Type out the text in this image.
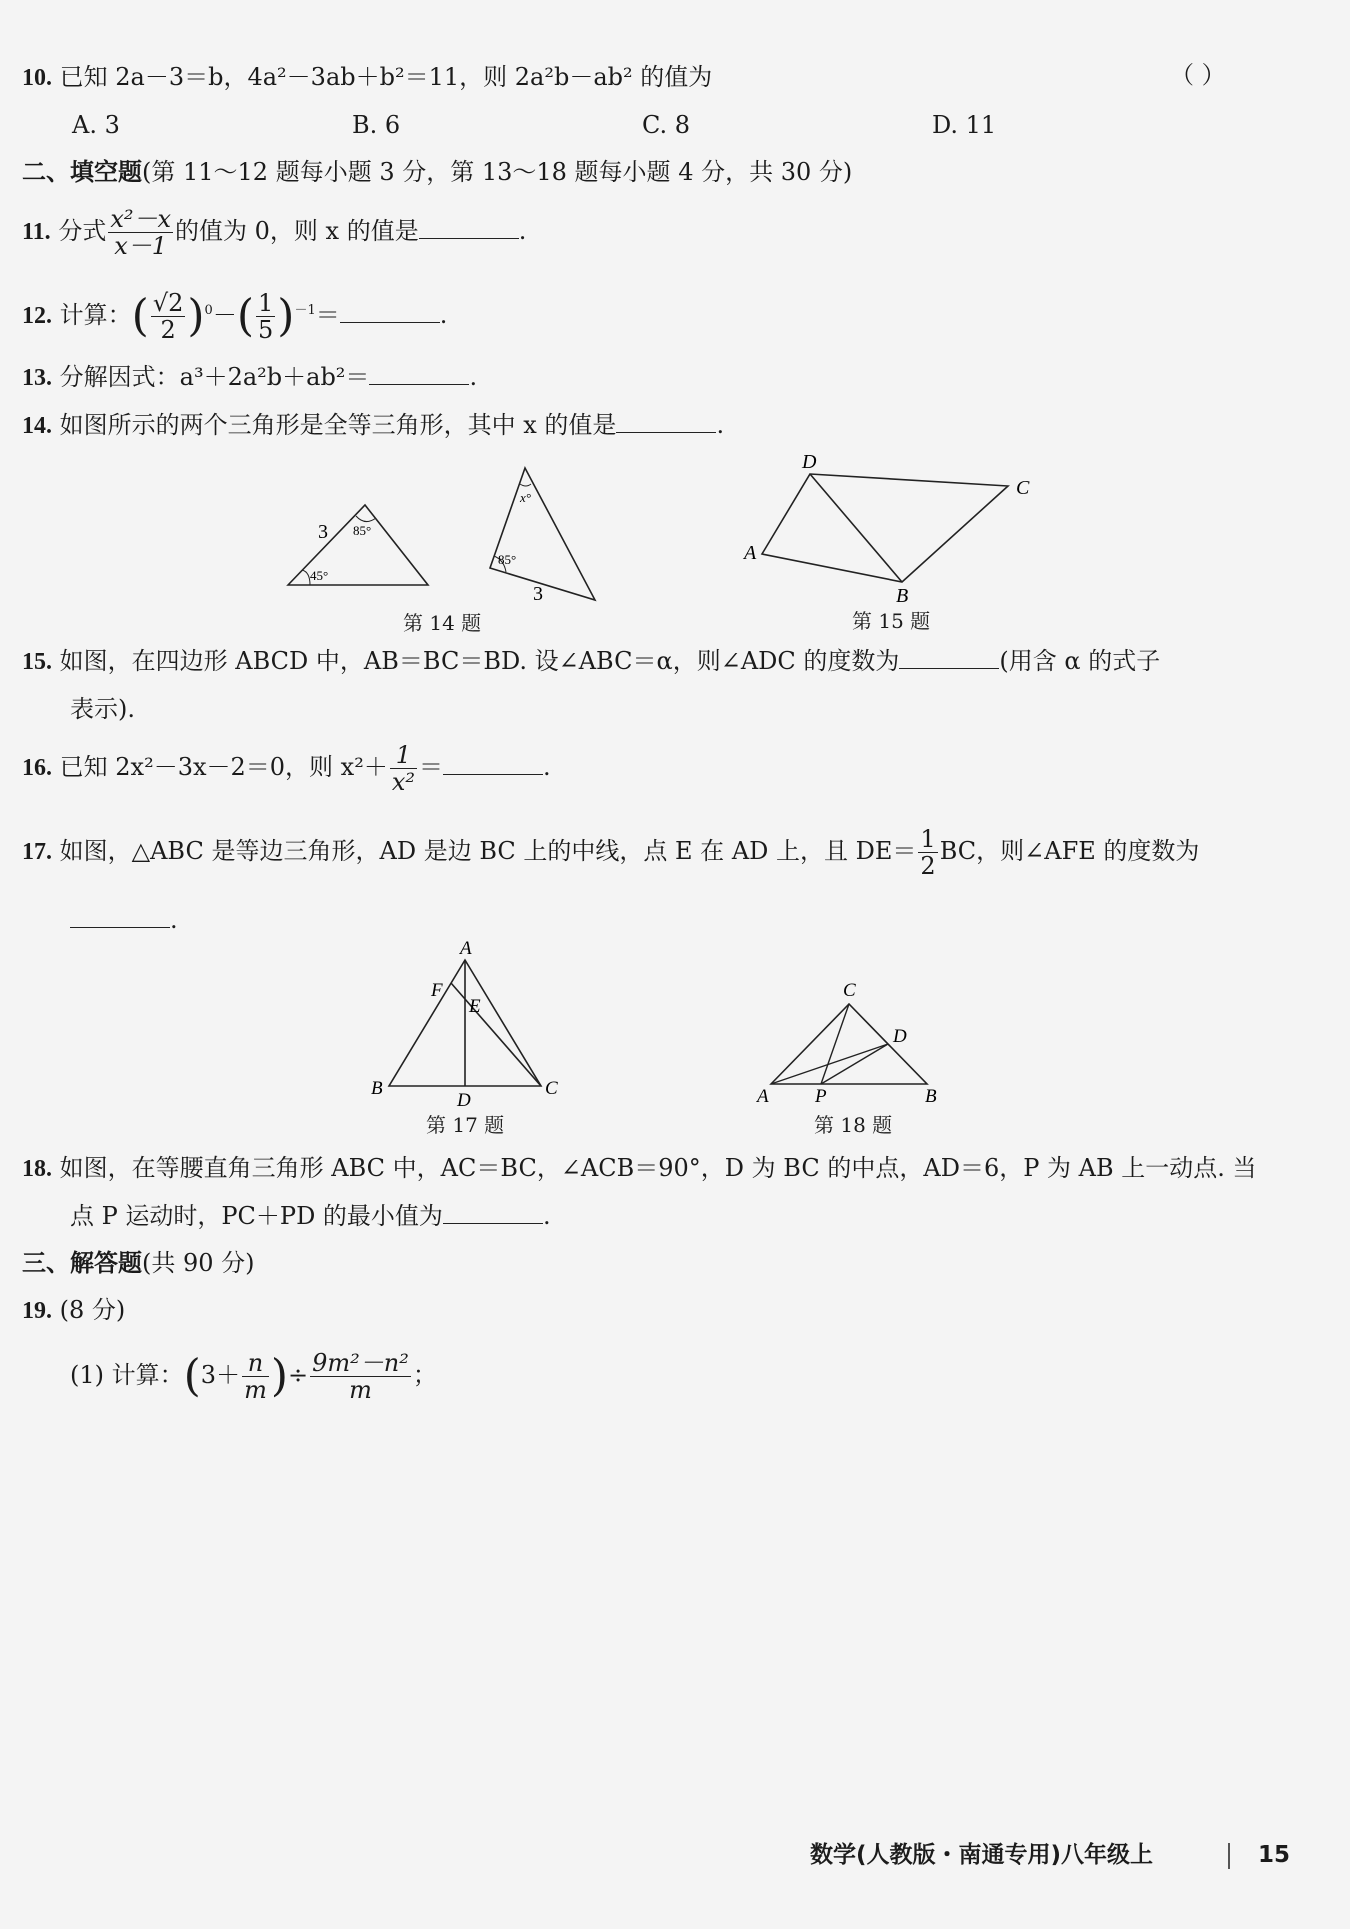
10. 已知 2a－3＝b，4a²－3ab＋b²＝11，则 2a²b－ab² 的值为	（ ）
A. 3	B. 6	C. 8	D. 11
二、填空题(第 11～12 题每小题 3 分，第 13～18 题每小题 4 分，共 30 分)
11. 分式 $\frac{\text{x²－x}}{x-1}$ 的值为 0，则 x 的值是	.
12. 计算：( $\frac{√2}{2} )^0-( \frac{1}{5} )^{-1}=$	.
13. 分解因式：a³＋2a²b＋ab²＝	.
14. 如图所示的两个三角形是全等三角形，其中 x 的值是	.
3 85°
45°
x°
85°
3
第 14 题
D
C
A
B
第 15 题
15. 如图，在四边形 ABCD 中，AB＝BC＝BD. 设∠ABC＝α，则∠ADC 的度数为	(用含 α 的式子
表示).
16. 已知 2x²－3x－2＝0，则 $x^2+ \frac{1}{\text{x²}}$ ＝	.
17. 如图，△ABC 是等边三角形，AD 是边 BC 上的中线，点 E 在 AD 上，且 $DE= \frac{1}{2}$ BC，则∠AFE 的度数为
.
A
F
E
B
D
C
第 17 题
C
D
A P	B
第 18 题
18. 如图，在等腰直角三角形 ABC 中，AC＝BC，∠ACB＝90°，D 为 BC 的中点，AD＝6，P 为 AB 上一动点. 当
点 P 运动时，PC＋PD 的最小值为	.
三、解答题(共 90 分)
19. (8 分)
(1) 计算：($3+ \frac{n}{m}$ )÷ $\frac{\text{9m²－n²}}{m}$ ；
数学(人教版・南通专用)八年级上	15
